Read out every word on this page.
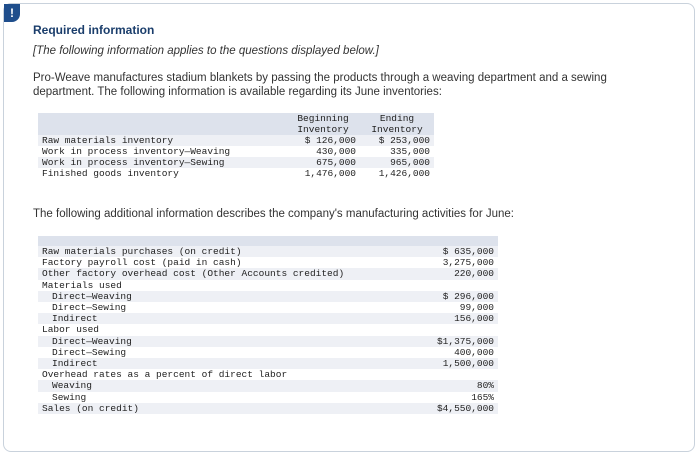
!
Required information
[The following information applies to the questions displayed below.]
Pro-Weave manufactures stadium blankets by passing the products through a weaving department and a sewing department. The following information is available regarding its June inventories:
	Beginning	Ending
	Inventory	Inventory
Raw materials inventory	$ 126,000	$ 253,000
Work in process inventory—Weaving	430,000	335,000
Work in process inventory—Sewing	675,000	965,000
Finished goods inventory	1,476,000	1,426,000
The following additional information describes the company's manufacturing activities for June:

Raw materials purchases (on credit)	$ 635,000
Factory payroll cost (paid in cash)	3,275,000
Other factory overhead cost (Other Accounts credited)	220,000
Materials used	
Direct—Weaving	$ 296,000
Direct—Sewing	99,000
Indirect	156,000
Labor used	
Direct—Weaving	$1,375,000
Direct—Sewing	400,000
Indirect	1,500,000
Overhead rates as a percent of direct labor	
Weaving	80%
Sewing	165%
Sales (on credit)	$4,550,000
